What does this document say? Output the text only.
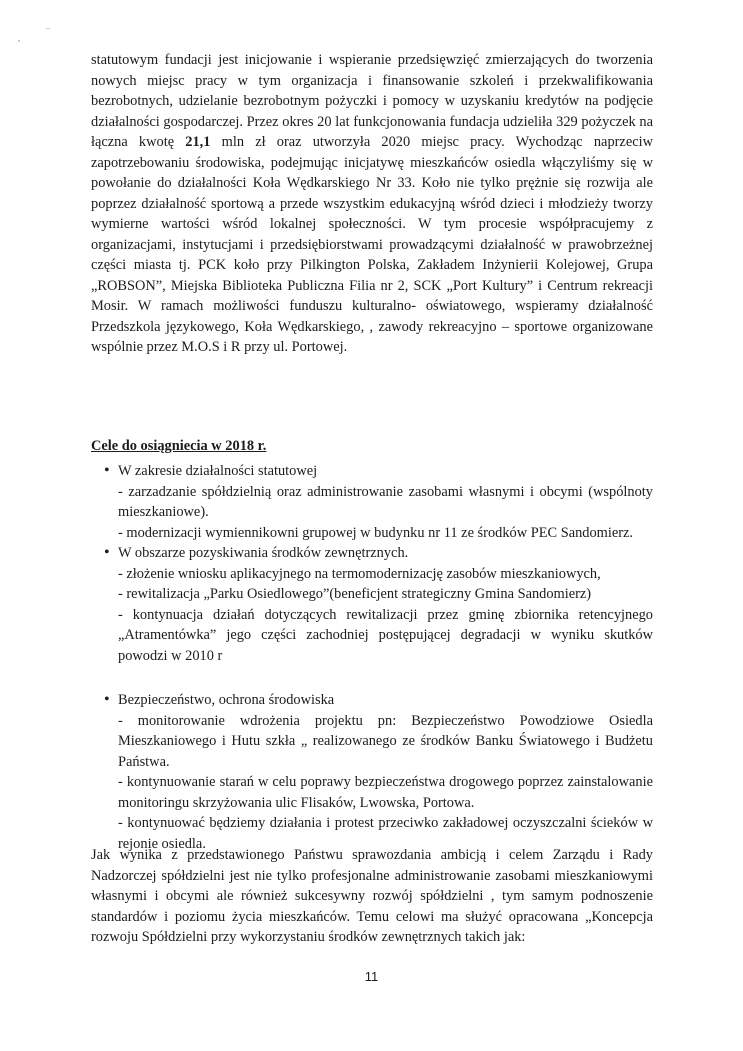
statutowym fundacji jest inicjowanie i wspieranie przedsięwzięć zmierzających do tworzenia nowych miejsc pracy w tym organizacja i finansowanie szkoleń i przekwalifikowania bezrobotnych, udzielanie bezrobotnym pożyczki i pomocy w uzyskaniu kredytów na podjęcie działalności gospodarczej. Przez okres 20 lat funkcjonowania fundacja udzieliła 329 pożyczek na łączna kwotę 21,1 mln zł oraz utworzyła 2020 miejsc pracy. Wychodząc naprzeciw zapotrzebowaniu środowiska, podejmując inicjatywę mieszkańców osiedla włączyliśmy się w powołanie do działalności Koła Wędkarskiego Nr 33. Koło nie tylko prężnie się rozwija ale poprzez działalność sportową a przede wszystkim edukacyjną wśród dzieci i młodzieży tworzy wymierne wartości wśród lokalnej społeczności. W tym procesie współpracujemy z organizacjami, instytucjami i przedsiębiorstwami prowadzącymi działalność w prawobrzeżnej części miasta tj. PCK koło przy Pilkington Polska, Zakładem Inżynierii Kolejowej, Grupa „ROBSON”, Miejska Biblioteka Publiczna Filia nr 2, SCK „Port Kultury” i Centrum rekreacji Mosir. W ramach możliwości funduszu kulturalno- oświatowego, wspieramy działalność Przedszkola językowego, Koła Wędkarskiego, , zawody rekreacyjno – sportowe organizowane wspólnie przez M.O.S i R przy ul. Portowej.

Cele do osiągniecia w 2018 r.
• W zakresie działalności statutowej
- zarzadzanie spółdzielnią oraz administrowanie zasobami własnymi i obcymi (wspólnoty mieszkaniowe).
- modernizacji wymiennikowni grupowej w budynku nr 11 ze środków PEC Sandomierz.
• W obszarze pozyskiwania środków zewnętrznych.
- złożenie wniosku aplikacyjnego na termomodernizację zasobów mieszkaniowych,
- rewitalizacja „Parku Osiedlowego”(beneficjent strategiczny Gmina Sandomierz)
- kontynuacja działań dotyczących rewitalizacji przez gminę zbiornika retencyjnego „Atramentówka” jego części zachodniej postępującej degradacji w wyniku skutków powodzi w 2010 r
• Bezpieczeństwo, ochrona środowiska
- monitorowanie wdrożenia projektu pn: Bezpieczeństwo Powodziowe Osiedla Mieszkaniowego i Hutu szkła „ realizowanego ze środków Banku Światowego i Budżetu Państwa.
- kontynuowanie starań w celu poprawy bezpieczeństwa drogowego poprzez zainstalowanie monitoringu skrzyżowania ulic Flisaków, Lwowska, Portowa.
- kontynuować będziemy działania i protest przeciwko zakładowej oczyszczalni ścieków w rejonie osiedla.

Jak wynika z przedstawionego Państwu sprawozdania ambicją i celem Zarządu i Rady Nadzorczej spółdzielni jest nie tylko profesjonalne administrowanie zasobami mieszkaniowymi własnymi i obcymi ale również sukcesywny rozwój spółdzielni , tym samym podnoszenie standardów i poziomu życia mieszkańców. Temu celowi ma służyć opracowana „Koncepcja rozwoju Spółdzielni przy wykorzystaniu środków zewnętrznych takich jak:

11
